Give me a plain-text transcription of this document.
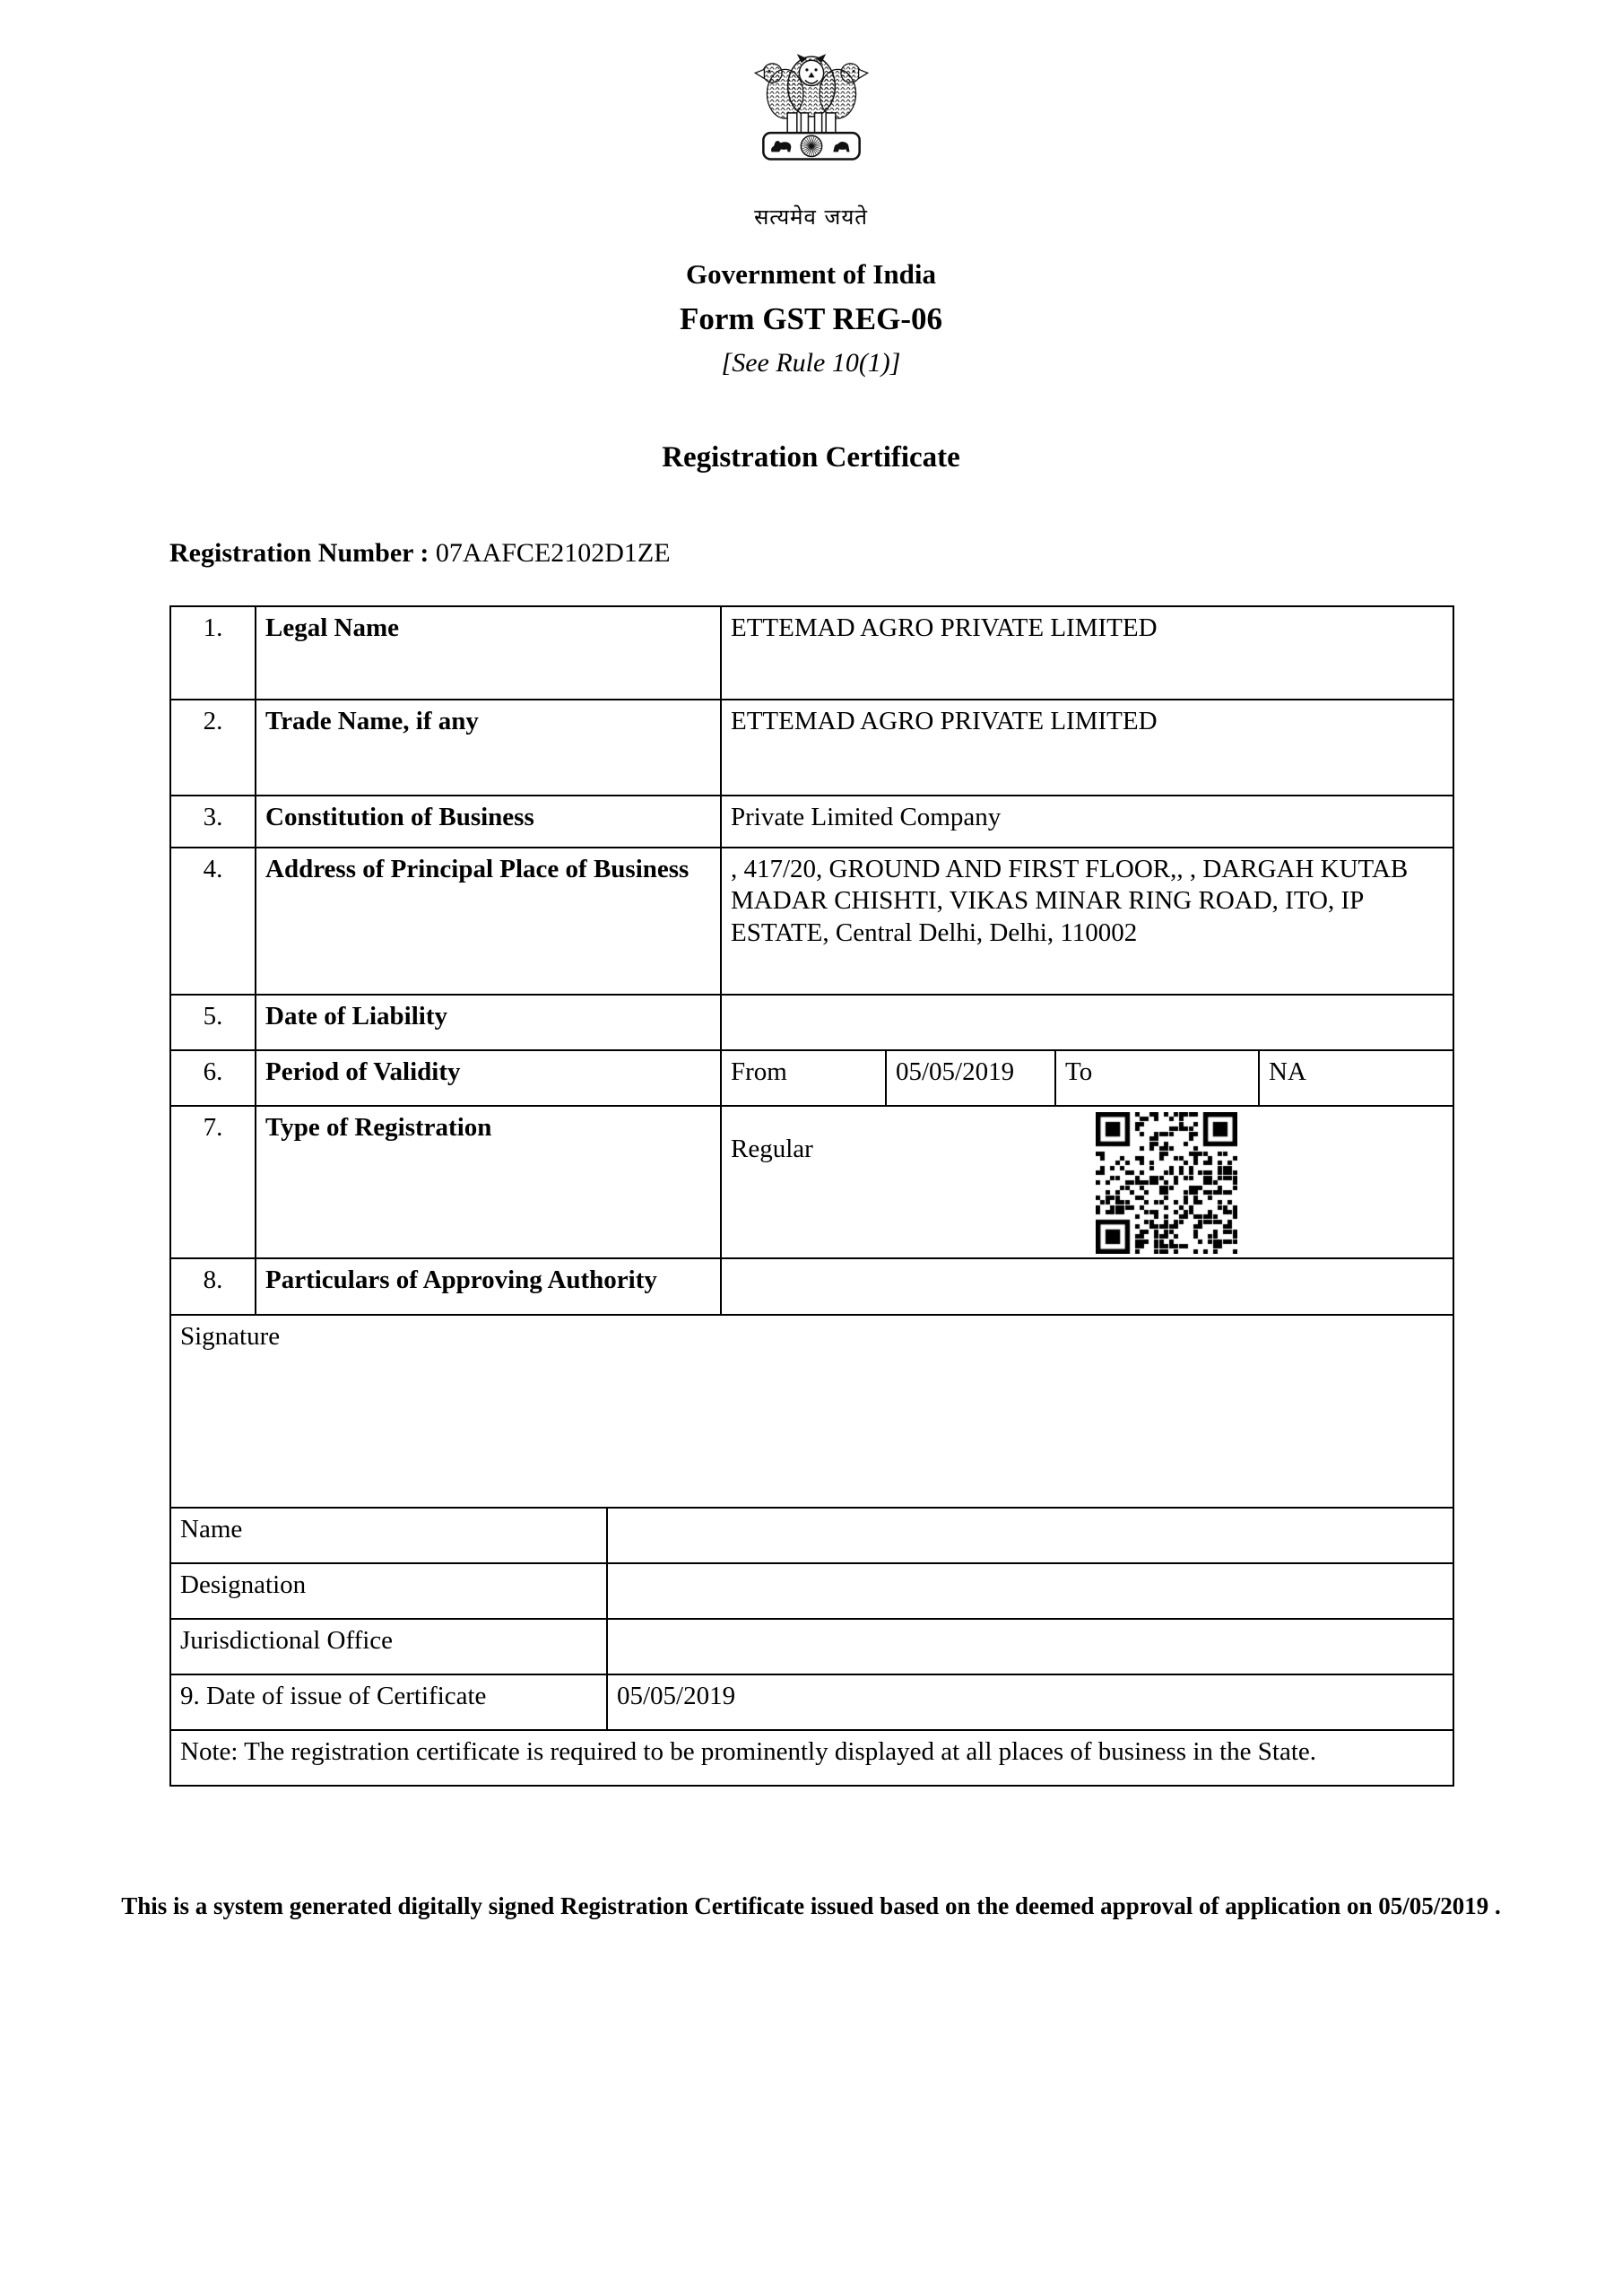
सत्यमेव जयते
Government of India
Form GST REG-06
[See Rule 10(1)]
Registration Certificate
Registration Number : 07AAFCE2102D1ZE
1.	Legal Name		ETTEMAD AGRO PRIVATE LIMITED			
2.	Trade Name, if any		ETTEMAD AGRO PRIVATE LIMITED			
3.	Constitution of Business		Private Limited Company			
4.	Address of Principal Place of Business		, 417/20, GROUND AND FIRST FLOOR,, , DARGAH KUTAB MADAR CHISHTI, VIKAS MINAR RING ROAD, ITO, IP ESTATE, Central Delhi, Delhi, 110002			
5.	Date of Liability					
6.	Period of Validity		From	05/05/2019	To	NA
7.	Type of Registration		Regular			

8.	Particulars of Approving Authority					
Signature						
Name						
Designation						
Jurisdictional Office						
9. Date of issue of Certificate		05/05/2019				
Note: The registration certificate is required to be prominently displayed at all places of business in the State.						
This is a system generated digitally signed Registration Certificate issued based on the deemed approval of application on 05/05/2019 .
